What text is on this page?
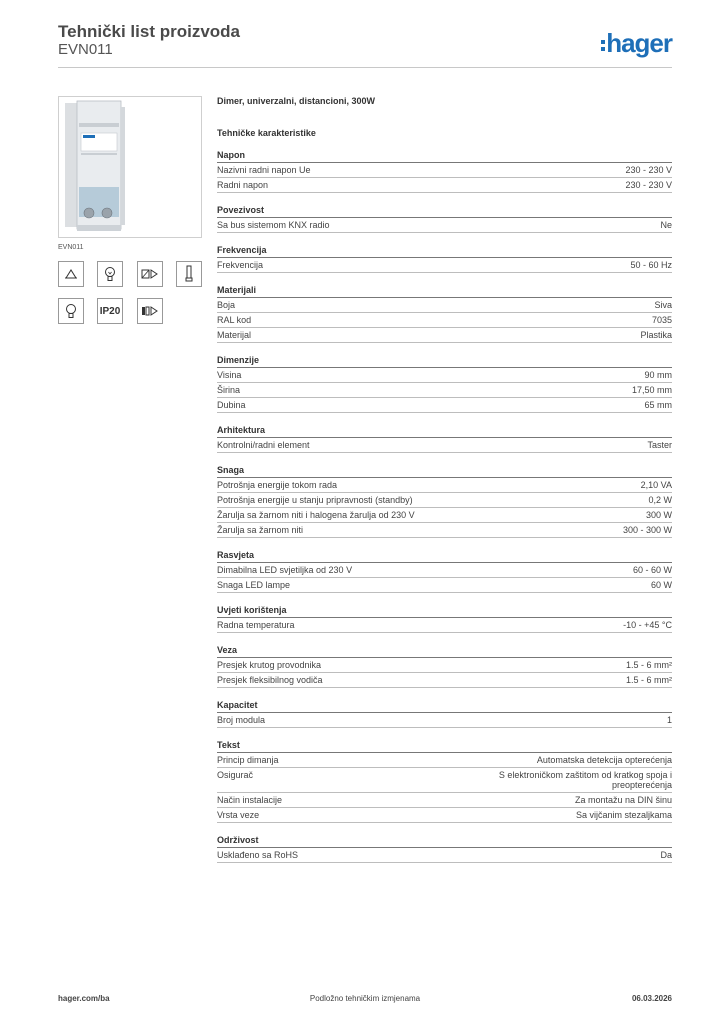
Tehnički list proizvoda
EVN011	hager
EVN011
IP20
Dimer, univerzalni, distancioni, 300W
Tehničke karakteristike
Napon
Nazivni radni napon Ue	230 - 230 V
Radni napon	230 - 230 V
Povezivost
Sa bus sistemom KNX radio	Ne
Frekvencija
Frekvencija	50 - 60 Hz
Materijali
Boja	Siva
RAL kod	7035
Materijal	Plastika
Dimenzije
Visina	90 mm
Širina	17,50 mm
Dubina	65 mm
Arhitektura
Kontrolni/radni element	Taster
Snaga
Potrošnja energije tokom rada	2,10 VA
Potrošnja energije u stanju pripravnosti (standby)	0,2 W
Žarulja sa žarnom niti i halogena žarulja od 230 V	300 W
Žarulja sa žarnom niti	300 - 300 W
Rasvjeta
Dimabilna LED svjetiljka od 230 V	60 - 60 W
Snaga LED lampe	60 W
Uvjeti korištenja
Radna temperatura	-10 - +45 °C
Veza
Presjek krutog provodnika	1.5 - 6 mm²
Presjek fleksibilnog vodiča	1.5 - 6 mm²
Kapacitet
Broj modula	1
Tekst
Princip dimanja	Automatska detekcija opterećenja
Osigurač	S elektroničkom zaštitom od kratkog spoja i preopterećenja
Način instalacije	Za montažu na DIN šinu
Vrsta veze	Sa vijčanim stezaljkama
Održivost
Usklađeno sa RoHS	Da
hager.com/ba	Podložno tehničkim izmjenama	06.03.2026
